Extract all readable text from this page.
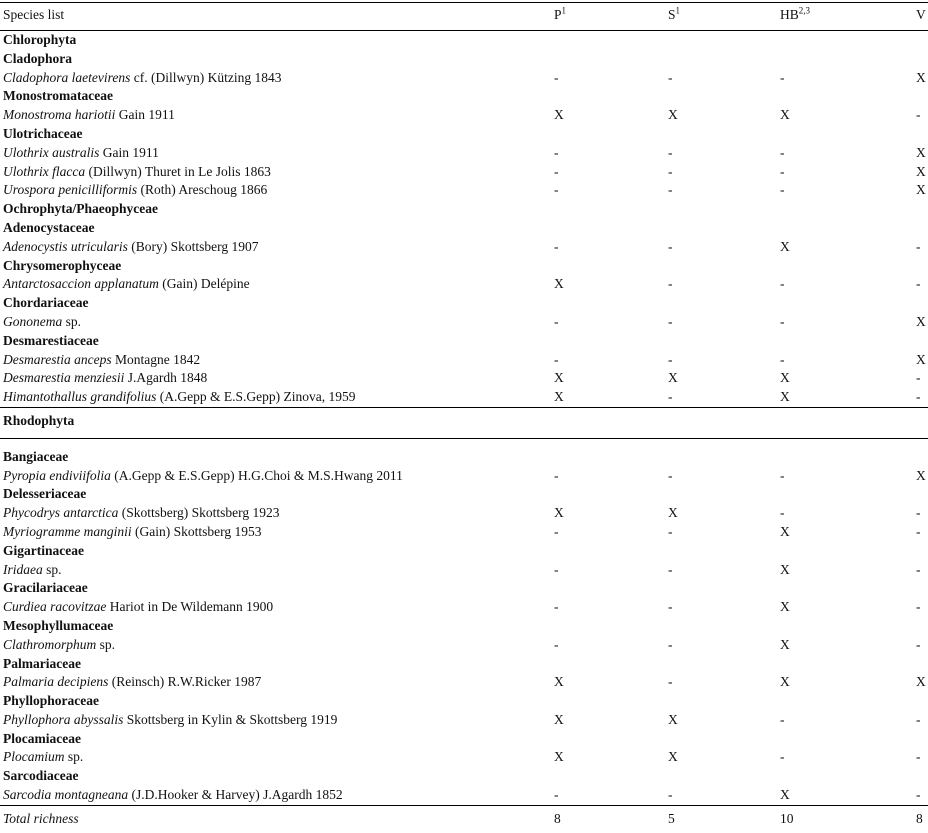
Species list	$P^1$	$S^1$	HB$^{2,3}$	V
Chlorophyta				
Cladophora				
Cladophora laetevirens cf. (Dillwyn) Kützing 1843	-	-	-	X
Monostromataceae				
Monostroma hariotii Gain 1911	X	X	X	-
Ulotrichaceae				
Ulothrix australis Gain 1911	-	-	-	X
Ulothrix flacca (Dillwyn) Thuret in Le Jolis 1863	-	-	-	X
Urospora penicilliformis (Roth) Areschoug 1866	-	-	-	X
Ochrophyta/Phaeophyceae				
Adenocystaceae				
Adenocystis utricularis (Bory) Skottsberg 1907	-	-	X	-
Chrysomerophyceae				
Antarctosaccion applanatum (Gain) Delépine	X	-	-	-
Chordariaceae				
Gononema sp.	-	-	-	X
Desmarestiaceae				
Desmarestia anceps Montagne 1842	-	-	-	X
Desmarestia menziesii J.Agardh 1848	X	X	X	-
Himantothallus grandifolius (A.Gepp & E.S.Gepp) Zinova, 1959	X	-	X	-
Rhodophyta				
Bangiaceae				
Pyropia endiviifolia (A.Gepp & E.S.Gepp) H.G.Choi & M.S.Hwang 2011	-	-	-	X
Delesseriaceae				
Phycodrys antarctica (Skottsberg) Skottsberg 1923	X	X	-	-
Myriogramme manginii (Gain) Skottsberg 1953	-	-	X	-
Gigartinaceae				
Iridaea sp.	-	-	X	-
Gracilariaceae				
Curdiea racovitzae Hariot in De Wildemann 1900	-	-	X	-
Mesophyllumaceae				
Clathromorphum sp.	-	-	X	-
Palmariaceae				
Palmaria decipiens (Reinsch) R.W.Ricker 1987	X	-	X	X
Phyllophoraceae				
Phyllophora abyssalis Skottsberg in Kylin & Skottsberg 1919	X	X	-	-
Plocamiaceae				
Plocamium sp.	X	X	-	-
Sarcodiaceae				
Sarcodia montagneana (J.D.Hooker & Harvey) J.Agardh 1852	-	-	X	-
Total richness	8	5	10	8
